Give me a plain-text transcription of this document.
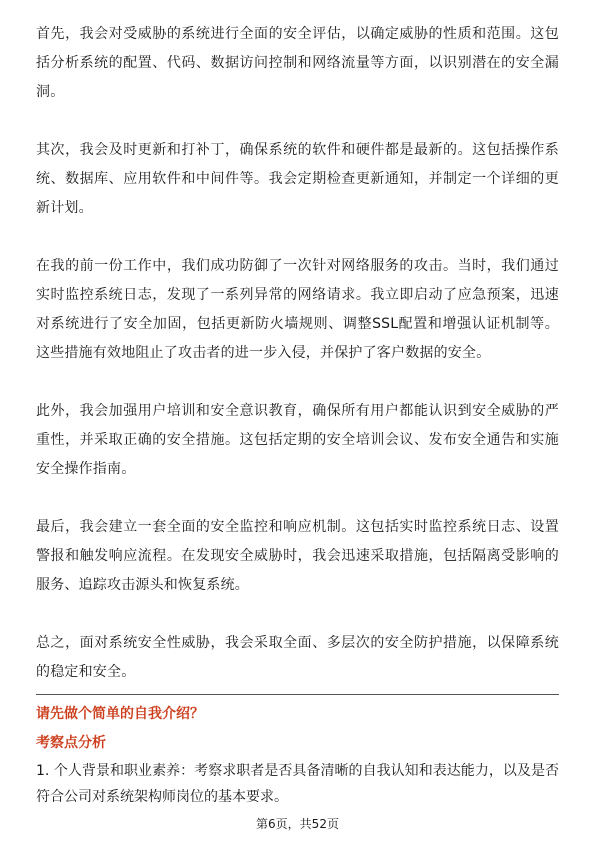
首先，我会对受威胁的系统进行全面的安全评估，以确定威胁的性质和范围。这包括分析系统的配置、代码、数据访问控制和网络流量等方面，以识别潜在的安全漏洞。

其次，我会及时更新和打补丁，确保系统的软件和硬件都是最新的。这包括操作系统、数据库、应用软件和中间件等。我会定期检查更新通知，并制定一个详细的更新计划。

在我的前一份工作中，我们成功防御了一次针对网络服务的攻击。当时，我们通过实时监控系统日志，发现了一系列异常的网络请求。我立即启动了应急预案，迅速对系统进行了安全加固，包括更新防火墙规则、调整SSL配置和增强认证机制等。这些措施有效地阻止了攻击者的进一步入侵，并保护了客户数据的安全。

此外，我会加强用户培训和安全意识教育，确保所有用户都能认识到安全威胁的严重性，并采取正确的安全措施。这包括定期的安全培训会议、发布安全通告和实施安全操作指南。

最后，我会建立一套全面的安全监控和响应机制。这包括实时监控系统日志、设置警报和触发响应流程。在发现安全威胁时，我会迅速采取措施，包括隔离受影响的服务、追踪攻击源头和恢复系统。

总之，面对系统安全性威胁，我会采取全面、多层次的安全防护措施，以保障系统的稳定和安全。

请先做个简单的自我介绍？

考察点分析

1. 个人背景和职业素养：考察求职者是否具备清晰的自我认知和表达能力，以及是否符合公司对系统架构师岗位的基本要求。

第6页，共52页
